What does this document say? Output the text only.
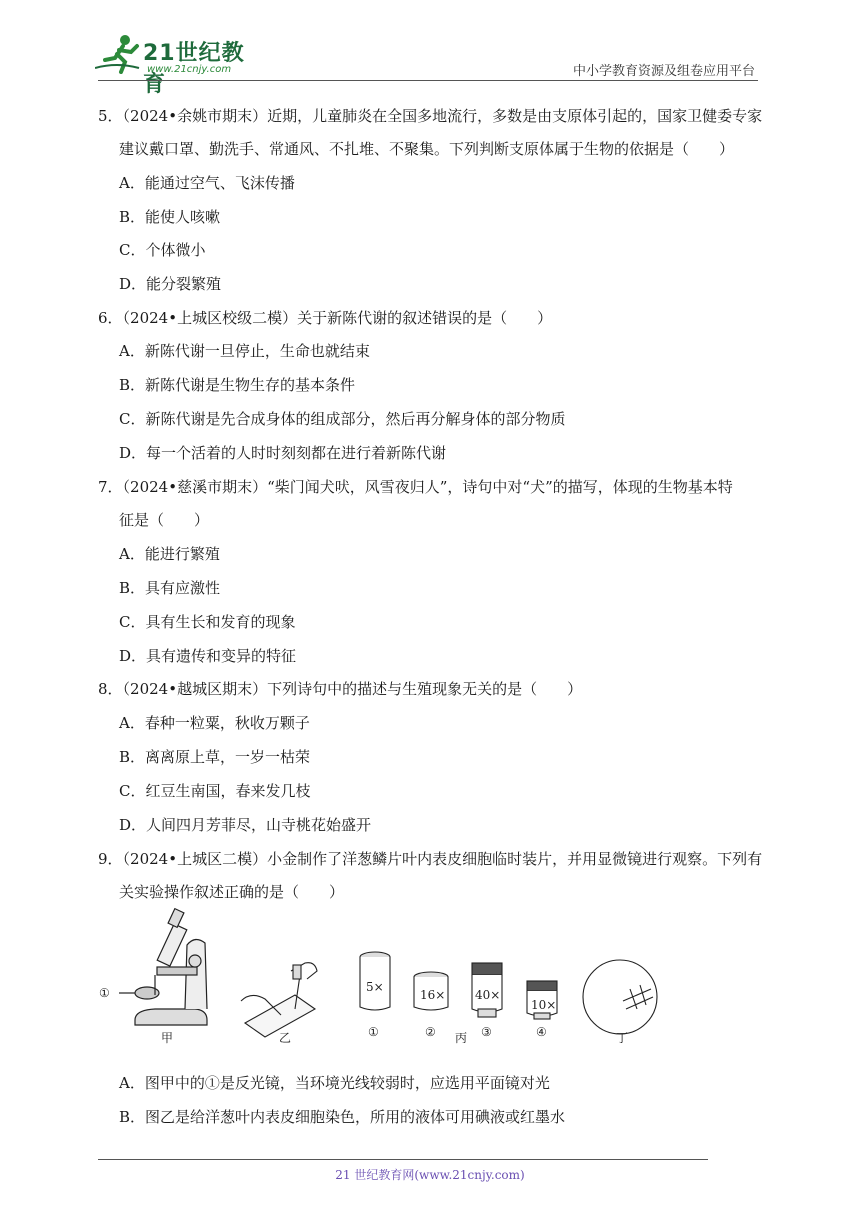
21世纪教育
www.21cnjy.com	中小学教育资源及组卷应用平台
5．（2024•余姚市期末）近期，儿童肺炎在全国多地流行，多数是由支原体引起的，国家卫健委专家
建议戴口罩、勤洗手、常通风、不扎堆、不聚集。下列判断支原体属于生物的依据是（　　）
A．能通过空气、飞沫传播
B．能使人咳嗽
C．个体微小
D．能分裂繁殖
6．（2024•上城区校级二模）关于新陈代谢的叙述错误的是（　　）
A．新陈代谢一旦停止，生命也就结束
B．新陈代谢是生物生存的基本条件
C．新陈代谢是先合成身体的组成部分，然后再分解身体的部分物质
D．每一个活着的人时时刻刻都在进行着新陈代谢
7．（2024•慈溪市期末）“柴门闻犬吠，风雪夜归人”，诗句中对“犬”的描写，体现的生物基本特
征是（　　）
A．能进行繁殖
B．具有应激性
C．具有生长和发育的现象
D．具有遗传和变异的特征
8．（2024•越城区期末）下列诗句中的描述与生殖现象无关的是（　　）
A．春种一粒粟，秋收万颗子
B．离离原上草，一岁一枯荣
C．红豆生南国，春来发几枝
D．人间四月芳菲尽，山寺桃花始盛开
9．（2024•上城区二模）小金制作了洋葱鳞片叶内表皮细胞临时装片，并用显微镜进行观察。下列有
关实验操作叙述正确的是（　　）
A．图甲中的①是反光镜，当环境光线较弱时，应选用平面镜对光
B．图乙是给洋葱叶内表皮细胞染色，所用的液体可用碘液或红墨水
①
甲	乙
5×
①
16×
②
40×
③
10×
④	丁
丙
21 世纪教育网(www.21cnjy.com)
